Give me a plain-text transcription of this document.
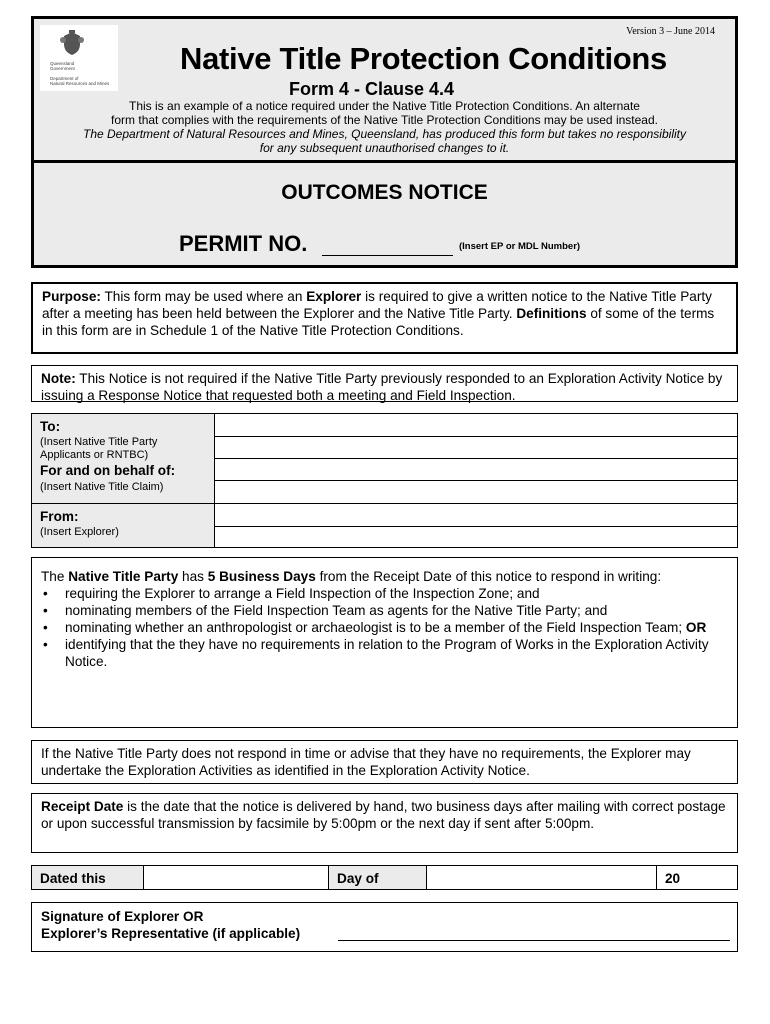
Version 3 – June 2014
Queensland
Government
Department of
Natural Resources and Mines
Native Title Protection Conditions
Form 4 - Clause 4.4
This is an example of a notice required under the Native Title Protection Conditions. An alternate
form that complies with the requirements of the Native Title Protection Conditions may be used instead.
The Department of Natural Resources and Mines, Queensland, has produced this form but takes no responsibility
for any subsequent unauthorised changes to it.
OUTCOMES NOTICE
PERMIT NO.	(Insert EP or MDL Number)
Purpose: This form may be used where an Explorer is required to give a written notice to the Native Title Party after a meeting has been held between the Explorer and the Native Title Party. Definitions of some of the terms in this form are in Schedule 1 of the Native Title Protection Conditions.
Note: This Notice is not required if the Native Title Party previously responded to an Exploration Activity Notice by issuing a Response Notice that requested both a meeting and Field Inspection.
To:
(Insert Native Title Party
Applicants or RNTBC)
For and on behalf of:
(Insert Native Title Claim)
From:
(Insert Explorer)
The Native Title Party has 5 Business Days from the Receipt Date of this notice to respond in writing:
• requiring the Explorer to arrange a Field Inspection of the Inspection Zone; and
• nominating members of the Field Inspection Team as agents for the Native Title Party; and
• nominating whether an anthropologist or archaeologist is to be a member of the Field Inspection Team; OR
• identifying that the they have no requirements in relation to the Program of Works in the Exploration Activity Notice.
If the Native Title Party does not respond in time or advise that they have no requirements, the Explorer may undertake the Exploration Activities as identified in the Exploration Activity Notice.
Receipt Date is the date that the notice is delivered by hand, two business days after mailing with correct postage or upon successful transmission by facsimile by 5:00pm or the next day if sent after 5:00pm.
Dated this	Day of	20
Signature of Explorer OR
Explorer’s Representative (if applicable)
